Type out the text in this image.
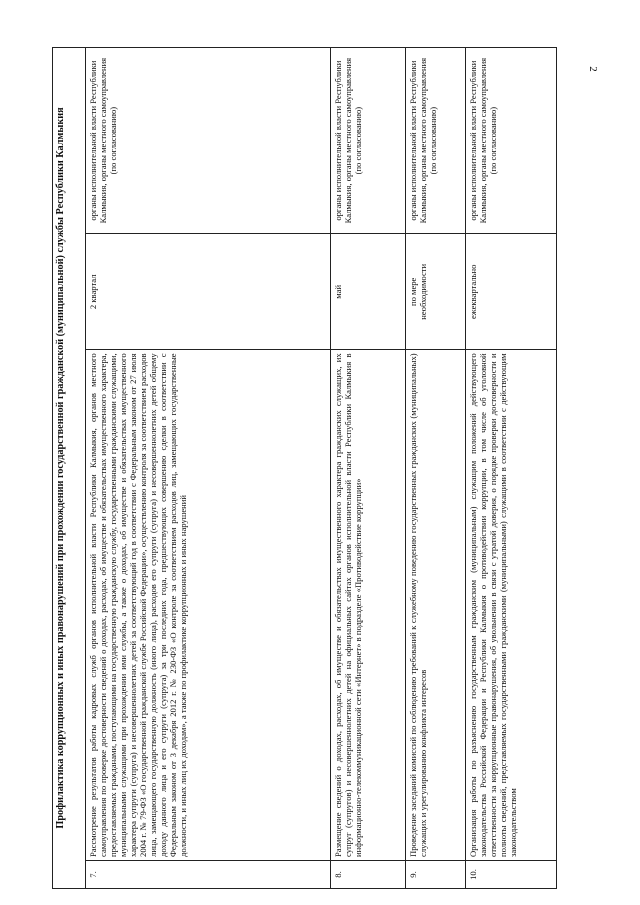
2
Профилактика коррупционных и иных правонарушений при прохождении государственной гражданской (муниципальной) службы Республики Калмыкия			
7.	Рассмотрение результатов работы кадровых служб органов исполнительной власти Республики Калмыкия, органов местного самоуправления по проверке достоверности сведений о доходах, расходах, об имуществе и обязательствах имущественного характера, предоставляемых гражданами, поступающими на государственную гражданскую службу, государственными гражданскими служащими, муниципальными служащими при прохождении ими службы, а также о доходах, об имуществе и обязательствах имущественного характера супруги (супруга) и несовершеннолетних детей за соответствующий год в соответствии с Федеральным законом от 27 июля 2004 г. № 79-ФЗ «О государственной гражданской службе Российской Федерации», осуществлению контроля за соответствием расходов лица, замещающего государственную должность (иного лица), расходов его супруги (супруга) и несовершеннолетних детей общему доходу данного лица и его супруги (супруга) за три последних года, предшествующих совершению сделки в соответствии с Федеральным законом от 3 декабря 2012 г. № 230-ФЗ «О контроле за соответствием расходов лиц, замещающих государственные должности, и иных лиц их доходам», а также по профилактике коррупционных и иных нарушений	2 квартал	органы исполнительной власти Республики Калмыкия, органы местного самоуправления (по согласованию)
8.	Размещение сведений о доходах, расходах, об имуществе и обязательствах имущественного характера гражданских служащих, их супруг (супругов) и несовершеннолетних детей на официальных сайтах органов исполнительной власти Республики Калмыкия в информационно-телекоммуникационной сети «Интернет» в подразделе «Противодействие коррупции»	май	органы исполнительной власти Республики Калмыкия, органы местного самоуправления (по согласованию)
9.	Проведение заседаний комиссий по соблюдению требований к служебному поведению государственных гражданских (муниципальных) служащих и урегулированию конфликта интересов	по мере необходимости	органы исполнительной власти Республики Калмыкия, органы местного самоуправления (по согласованию)
10.	Организация работы по разъяснению государственным гражданским (муниципальным) служащим положений действующего законодательства Российской Федерации и Республики Калмыкия о противодействии коррупции, в том числе об уголовной ответственности за коррупционные правонарушения, об увольнении в связи с утратой доверия, о порядке проверки достоверности и полноты сведений, представляемых государственными гражданскими (муниципальными) служащими в соответствии с действующим законодательством	ежеквартально	органы исполнительной власти Республики Калмыкия, органы местного самоуправления (по согласованию)
